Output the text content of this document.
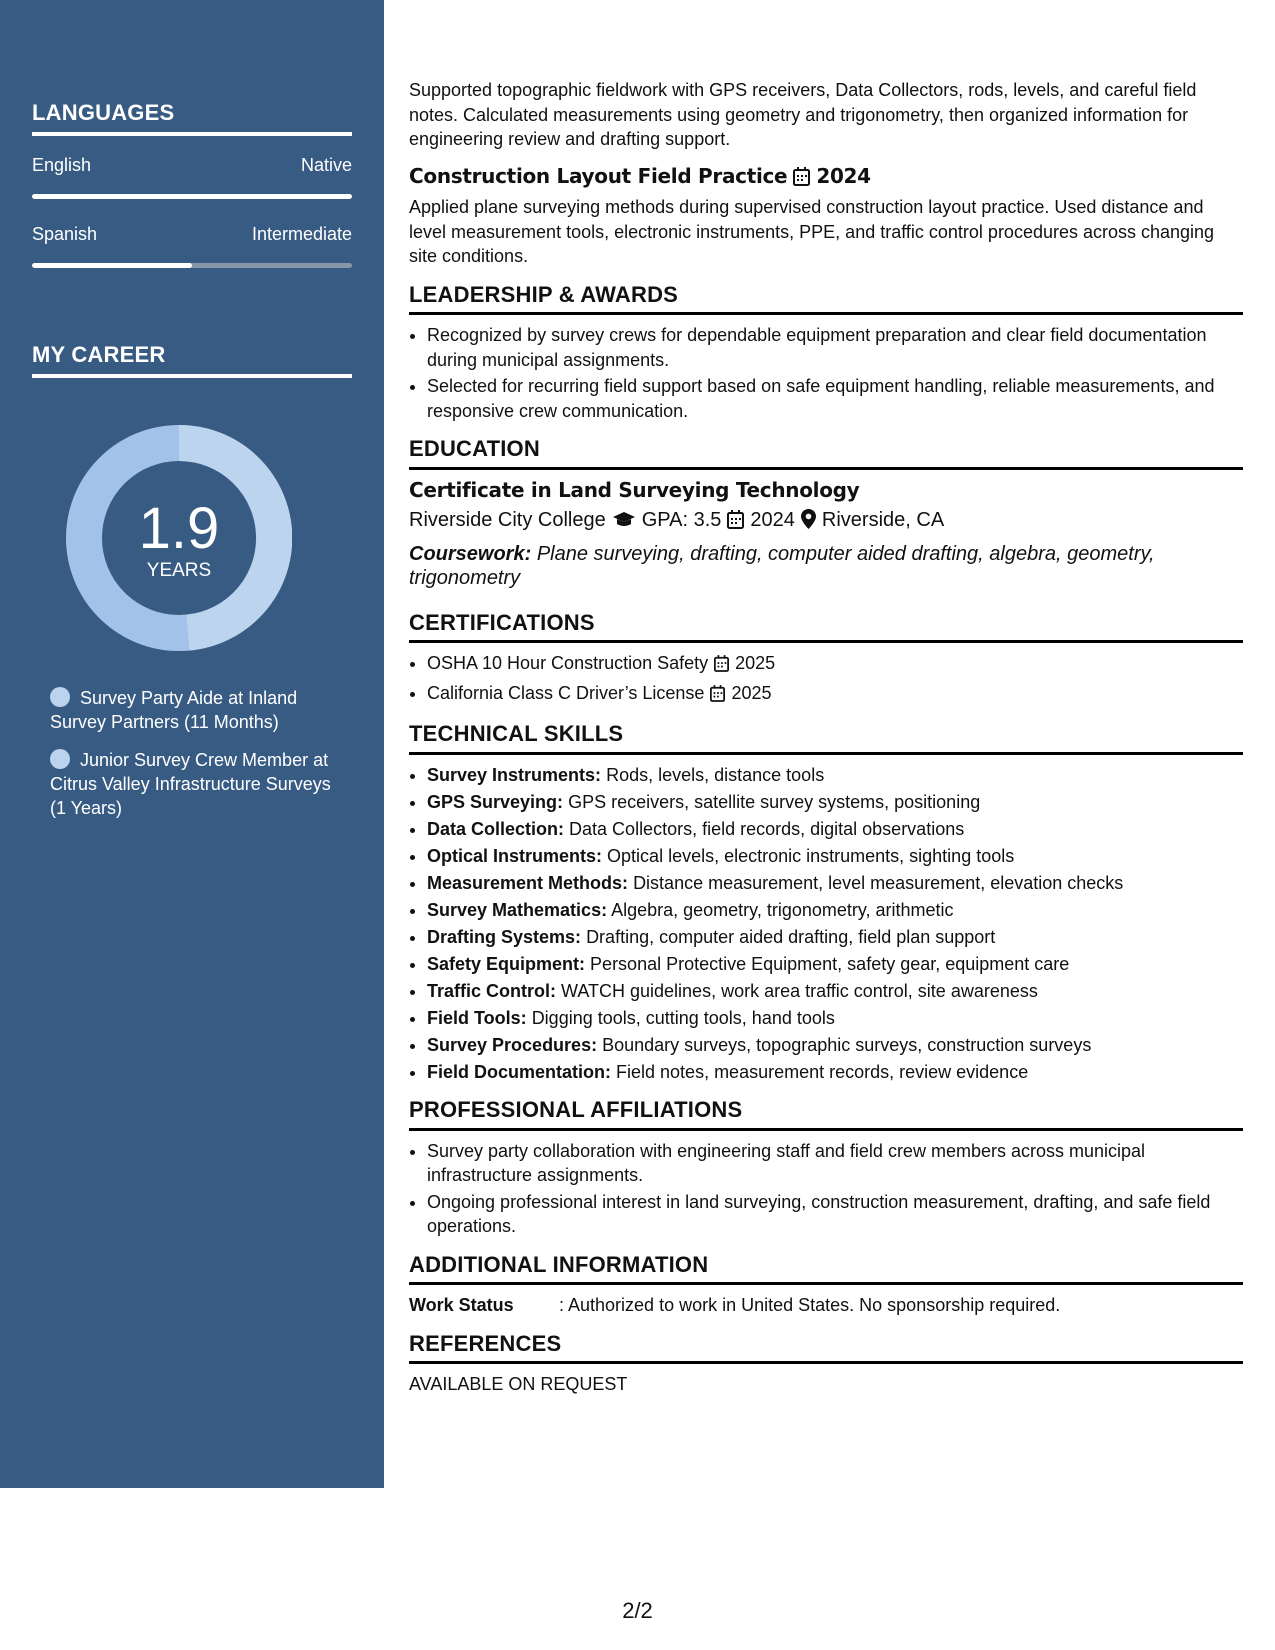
LANGUAGES
English	Native
Spanish	Intermediate
MY CAREER
1.9
YEARS
Survey Party Aide at Inland Survey Partners (11 Months)
Junior Survey Crew Member at Citrus Valley Infrastructure Surveys (1 Years)

Supported topographic fieldwork with GPS receivers, Data Collectors, rods, levels, and careful field notes. Calculated measurements using geometry and trigonometry, then organized information for engineering review and drafting support.

Construction Layout Field Practice 2024

Applied plane surveying methods during supervised construction layout practice. Used distance and level measurement tools, electronic instruments, PPE, and traffic control procedures across changing site conditions.

LEADERSHIP & AWARDS
• Recognized by survey crews for dependable equipment preparation and clear field documentation during municipal assignments.
• Selected for recurring field support based on safe equipment handling, reliable measurements, and responsive crew communication.
EDUCATION
Certificate in Land Surveying Technology
Riverside City College GPA: 3.5 2024 Riverside, CA

Coursework: Plane surveying, drafting, computer aided drafting, algebra, geometry, trigonometry

CERTIFICATIONS
• OSHA 10 Hour Construction Safety 2025
• California Class C Driver’s License 2025
TECHNICAL SKILLS
• Survey Instruments: Rods, levels, distance tools
• GPS Surveying: GPS receivers, satellite survey systems, positioning
• Data Collection: Data Collectors, field records, digital observations
• Optical Instruments: Optical levels, electronic instruments, sighting tools
• Measurement Methods: Distance measurement, level measurement, elevation checks
• Survey Mathematics: Algebra, geometry, trigonometry, arithmetic
• Drafting Systems: Drafting, computer aided drafting, field plan support
• Safety Equipment: Personal Protective Equipment, safety gear, equipment care
• Traffic Control: WATCH guidelines, work area traffic control, site awareness
• Field Tools: Digging tools, cutting tools, hand tools
• Survey Procedures: Boundary surveys, topographic surveys, construction surveys
• Field Documentation: Field notes, measurement records, review evidence
PROFESSIONAL AFFILIATIONS
• Survey party collaboration with engineering staff and field crew members across municipal infrastructure assignments.
• Ongoing professional interest in land surveying, construction measurement, drafting, and safe field operations.
ADDITIONAL INFORMATION
Work Status	: Authorized to work in United States. No sponsorship required.
REFERENCES

AVAILABLE ON REQUEST

2/2
